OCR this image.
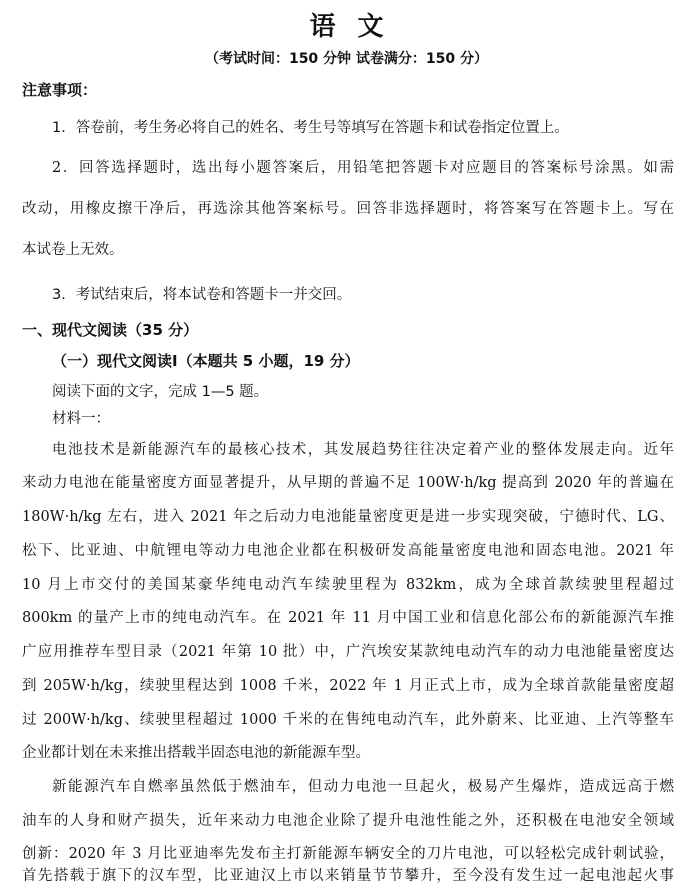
语文
（考试时间：150 分钟 试卷满分：150 分）
注意事项：
1．答卷前，考生务必将自己的姓名、考生号等填写在答题卡和试卷指定位置上。
2．回答选择题时，选出每小题答案后，用铅笔把答题卡对应题目的答案标号涂黑。如需
改动，用橡皮擦干净后，再选涂其他答案标号。回答非选择题时，将答案写在答题卡上。写在
本试卷上无效。
3．考试结束后，将本试卷和答题卡一并交回。
一、现代文阅读（35 分）
（一）现代文阅读Ⅰ（本题共 5 小题，19 分）
阅读下面的文字，完成 1—5 题。
材料一：
电池技术是新能源汽车的最核心技术，其发展趋势往往决定着产业的整体发展走向。近年
来动力电池在能量密度方面显著提升，从早期的普遍不足 100W·h/kg 提高到 2020 年的普遍在
180W·h/kg 左右，进入 2021 年之后动力电池能量密度更是进一步实现突破，宁德时代、LG、
松下、比亚迪、中航锂电等动力电池企业都在积极研发高能量密度电池和固态电池。2021 年
10 月上市交付的美国某豪华纯电动汽车续驶里程为 832km，成为全球首款续驶里程超过
800km 的量产上市的纯电动汽车。在 2021 年 11 月中国工业和信息化部公布的新能源汽车推
广应用推荐车型目录（2021 年第 10 批）中，广汽埃安某款纯电动汽车的动力电池能量密度达
到 205W·h/kg，续驶里程达到 1008 千米，2022 年 1 月正式上市，成为全球首款能量密度超
过 200W·h/kg、续驶里程超过 1000 千米的在售纯电动汽车，此外蔚来、比亚迪、上汽等整车
企业都计划在未来推出搭载半固态电池的新能源车型。
新能源汽车自燃率虽然低于燃油车，但动力电池一旦起火，极易产生爆炸，造成远高于燃
油车的人身和财产损失，近年来动力电池企业除了提升电池性能之外，还积极在电池安全领域
创新：2020 年 3 月比亚迪率先发布主打新能源车辆安全的刀片电池，可以轻松完成针刺试验，
首先搭载于旗下的汉车型，比亚迪汉上市以来销量节节攀升，至今没有发生过一起电池起火事
